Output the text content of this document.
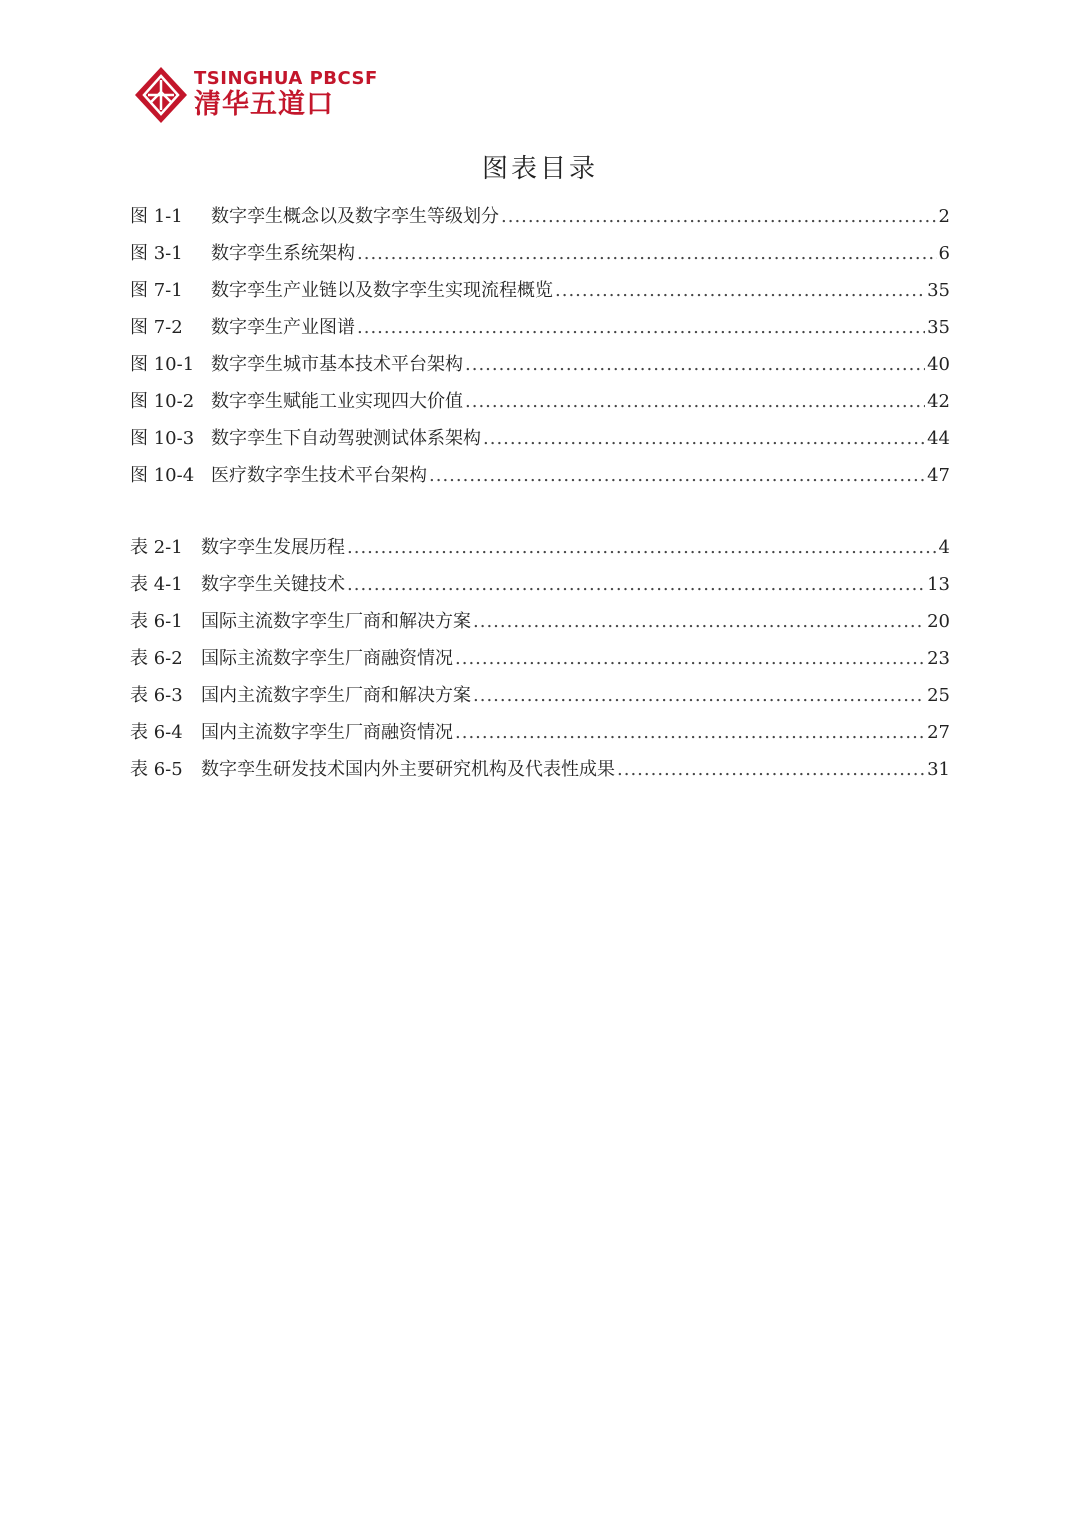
TSINGHUA PBCSF
清华五道口
图表目录
图 1-1	数字孪生概念以及数字孪生等级划分 .....	2
图 3-1	数字孪生系统架构 .....	6
图 7-1	数字孪生产业链以及数字孪生实现流程概览 .....	35
图 7-2	数字孪生产业图谱 .....	35
图 10-1 数字孪生城市基本技术平台架构 .....	40
图 10-2 数字孪生赋能工业实现四大价值 .....	42
图 10-3 数字孪生下自动驾驶测试体系架构 .....	44
图 10-4 医疗数字孪生技术平台架构 .....	47
表 2-1	数字孪生发展历程 .....	4
表 4-1	数字孪生关键技术 .....	13
表 6-1	国际主流数字孪生厂商和解决方案 .....	20
表 6-2	国际主流数字孪生厂商融资情况 .....	23
表 6-3	国内主流数字孪生厂商和解决方案 .....	25
表 6-4	国内主流数字孪生厂商融资情况 .....	27
表 6-5	数字孪生研发技术国内外主要研究机构及代表性成果 .....	31
